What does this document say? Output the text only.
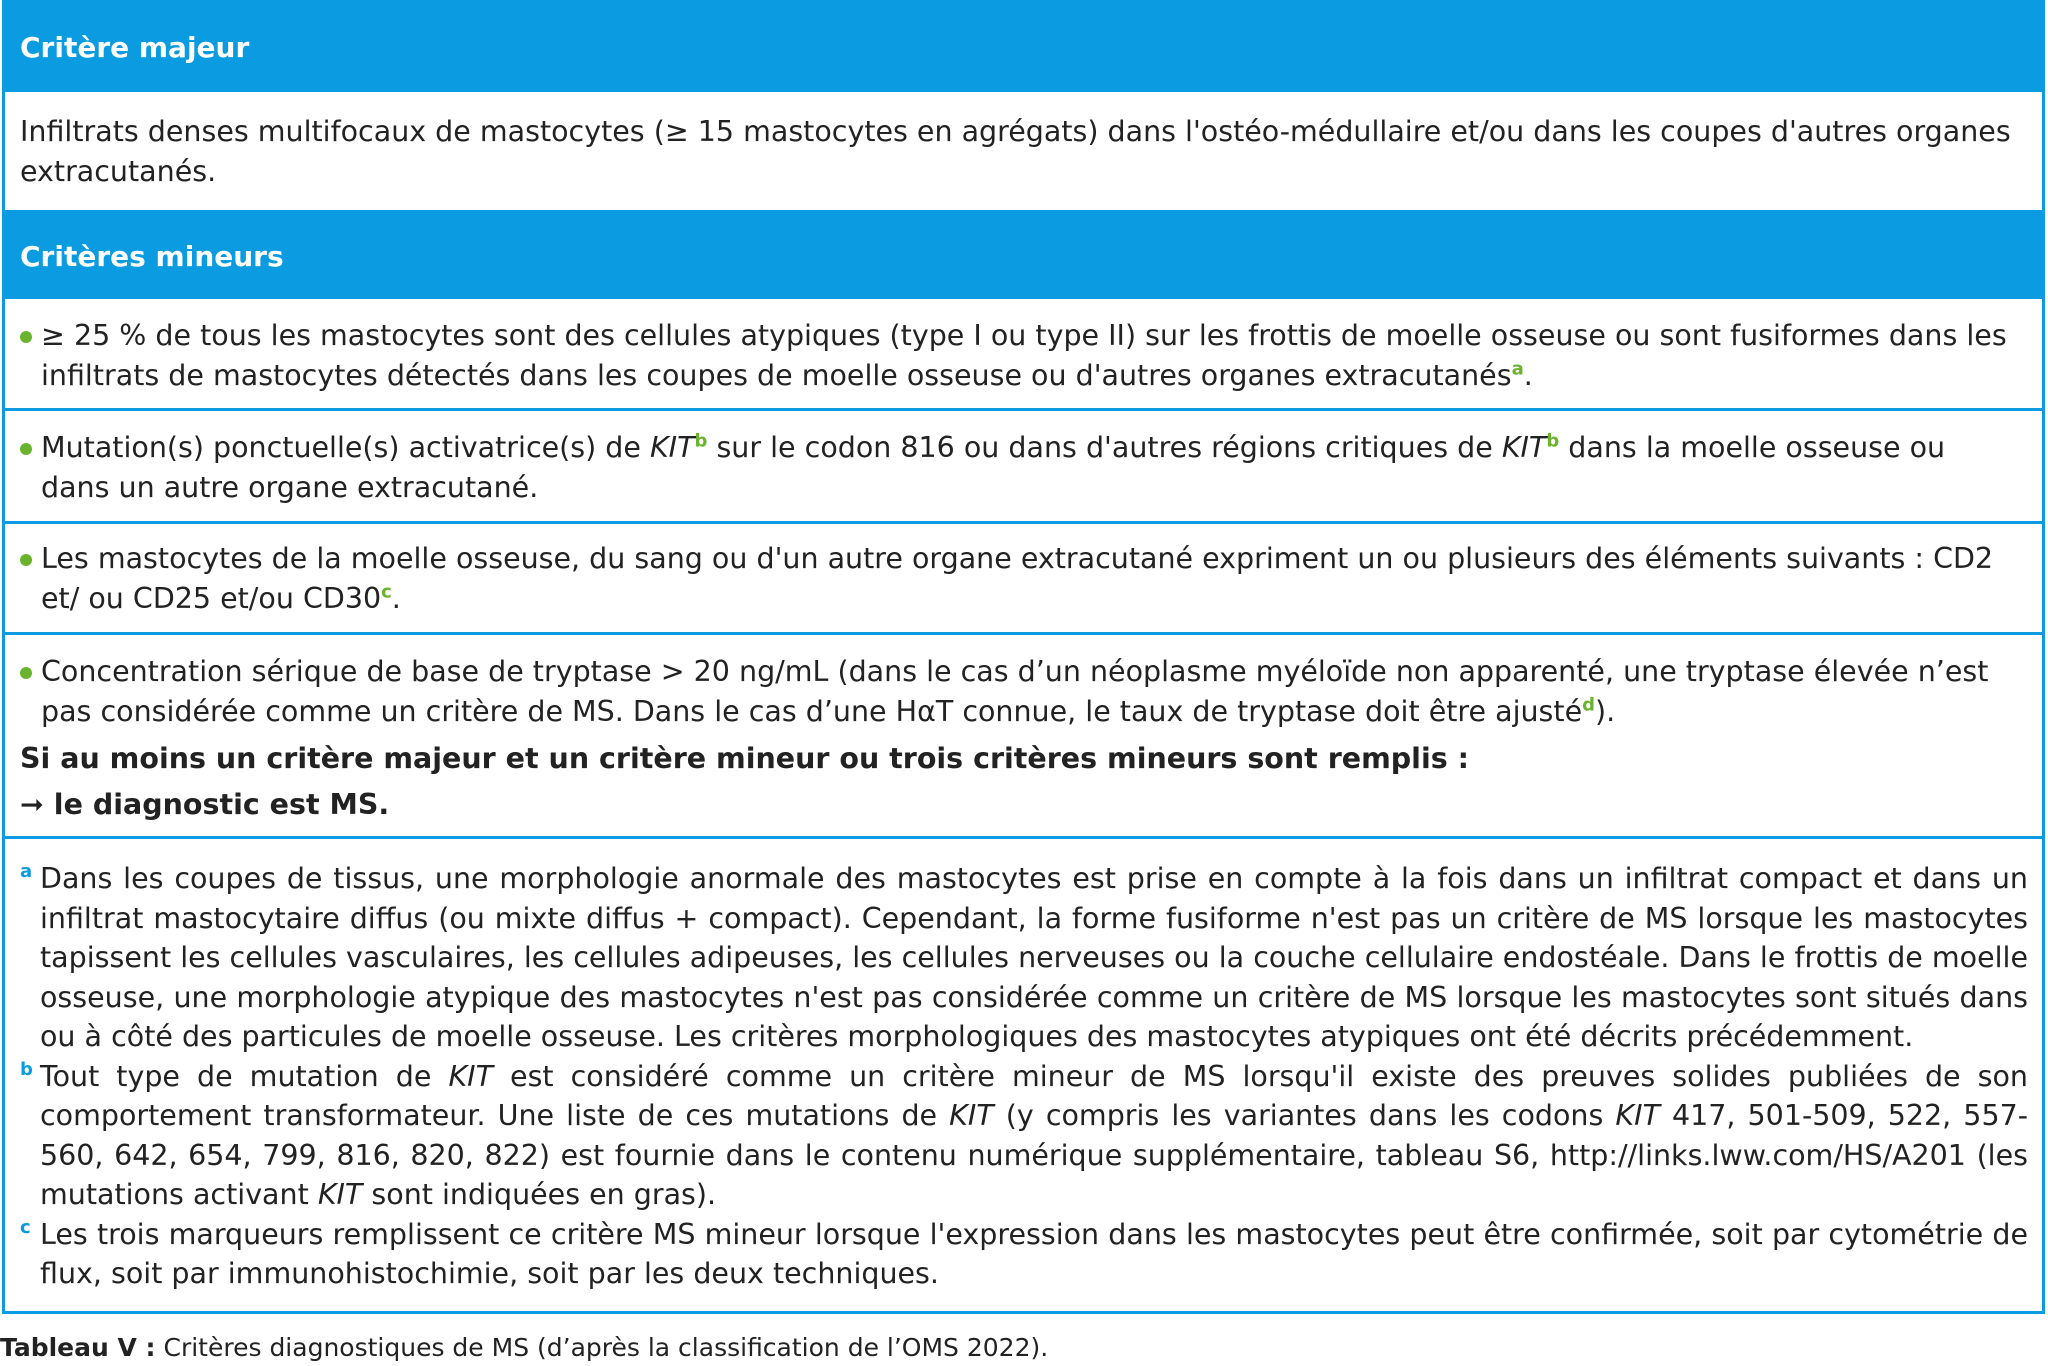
Critère majeur
Infiltrats denses multifocaux de mastocytes (≥ 15 mastocytes en agrégats) dans l'ostéo-médullaire et/ou dans les coupes d'autres organes extracutanés.
Critères mineurs
≥ 25 % de tous les mastocytes sont des cellules atypiques (type I ou type II) sur les frottis de moelle osseuse ou sont fusiformes dans les infiltrats de mastocytes détectés dans les coupes de moelle osseuse ou d'autres organes extracutanés$^a$.
Mutation(s) ponctuelle(s) activatrice(s) de KIT$^b$ sur le codon 816 ou dans d'autres régions critiques de KIT$^b$ dans la moelle osseuse ou dans un autre organe extracutané.
Les mastocytes de la moelle osseuse, du sang ou d'un autre organe extracutané expriment un ou plusieurs des éléments suivants : CD2 et/ ou CD25 et/ou CD30$^c$.
Concentration sérique de base de tryptase > 20 ng/mL (dans le cas d’un néoplasme myéloïde non apparenté, une tryptase élevée n’est pas considérée comme un critère de MS. Dans le cas d’une HαT connue, le taux de tryptase doit être ajusté$^d$).
Si au moins un critère majeur et un critère mineur ou trois critères mineurs sont remplis :
➞ le diagnostic est MS.
a Dans les coupes de tissus, une morphologie anormale des mastocytes est prise en compte à la fois dans un infiltrat compact et dans un infiltrat mastocytaire diffus (ou mixte diffus + compact). Cependant, la forme fusiforme n'est pas un critère de MS lorsque les mastocytes tapissent les cellules vasculaires, les cellules adipeuses, les cellules nerveuses ou la couche cellulaire endostéale. Dans le frottis de moelle osseuse, une morphologie atypique des mastocytes n'est pas considérée comme un critère de MS lorsque les mastocytes sont situés dans ou à côté des particules de moelle osseuse. Les critères morphologiques des mastocytes atypiques ont été décrits précédemment.
b Tout type de mutation de KIT est considéré comme un critère mineur de MS lorsqu'il existe des preuves solides publiées de son comportement transformateur. Une liste de ces mutations de KIT (y compris les variantes dans les codons KIT 417, 501-509, 522, 557-560, 642, 654, 799, 816, 820, 822) est fournie dans le contenu numérique supplémentaire, tableau S6, http://links.lww.com/HS/A201 (les mutations activant KIT sont indiquées en gras).
c Les trois marqueurs remplissent ce critère MS mineur lorsque l'expression dans les mastocytes peut être confirmée, soit par cytométrie de flux, soit par immunohistochimie, soit par les deux techniques.
Tableau V : Critères diagnostiques de MS (d’après la classification de l’OMS 2022).
